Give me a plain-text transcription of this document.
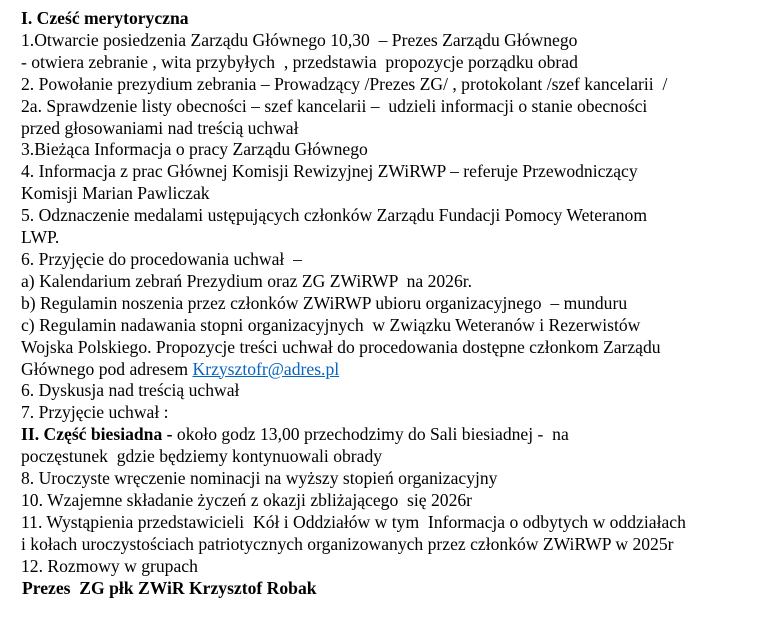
I. Cześć merytoryczna

1.Otwarcie posiedzenia Zarządu Głównego 10,30  – Prezes Zarządu Głównego

- otwiera zebranie , wita przybyłych  , przedstawia  propozycje porządku obrad

2. Powołanie prezydium zebrania – Prowadzący /Prezes ZG/ , protokolant /szef kancelarii  /

2a. Sprawdzenie listy obecności – szef kancelarii –  udzieli informacji o stanie obecności

przed głosowaniami nad treścią uchwał

3.Bieżąca Informacja o pracy Zarządu Głównego

4. Informacja z prac Głównej Komisji Rewizyjnej ZWiRWP – referuje Przewodniczący

Komisji Marian Pawliczak

5. Odznaczenie medalami ustępujących członków Zarządu Fundacji Pomocy Weteranom

LWP.

6. Przyjęcie do procedowania uchwał  –

a) Kalendarium zebrań Prezydium oraz ZG ZWiRWP  na 2026r.

b) Regulamin noszenia przez członków ZWiRWP ubioru organizacyjnego  – munduru

c) Regulamin nadawania stopni organizacyjnych  w Związku Weteranów i Rezerwistów

Wojska Polskiego. Propozycje treści uchwał do procedowania dostępne członkom Zarządu

Głównego pod adresem Krzysztofr@adres.pl

6. Dyskusja nad treścią uchwał

7. Przyjęcie uchwał :

II. Część biesiadna - około godz 13,00 przechodzimy do Sali biesiadnej -  na

poczęstunek  gdzie będziemy kontynuowali obrady

8. Uroczyste wręczenie nominacji na wyższy stopień organizacyjny

10. Wzajemne składanie życzeń z okazji zbliżającego  się 2026r

11. Wystąpienia przedstawicieli  Kół i Oddziałów w tym  Informacja o odbytych w oddziałach

i kołach uroczystościach patriotycznych organizowanych przez członków ZWiRWP w 2025r

12. Rozmowy w grupach

Prezes  ZG płk ZWiR Krzysztof Robak
